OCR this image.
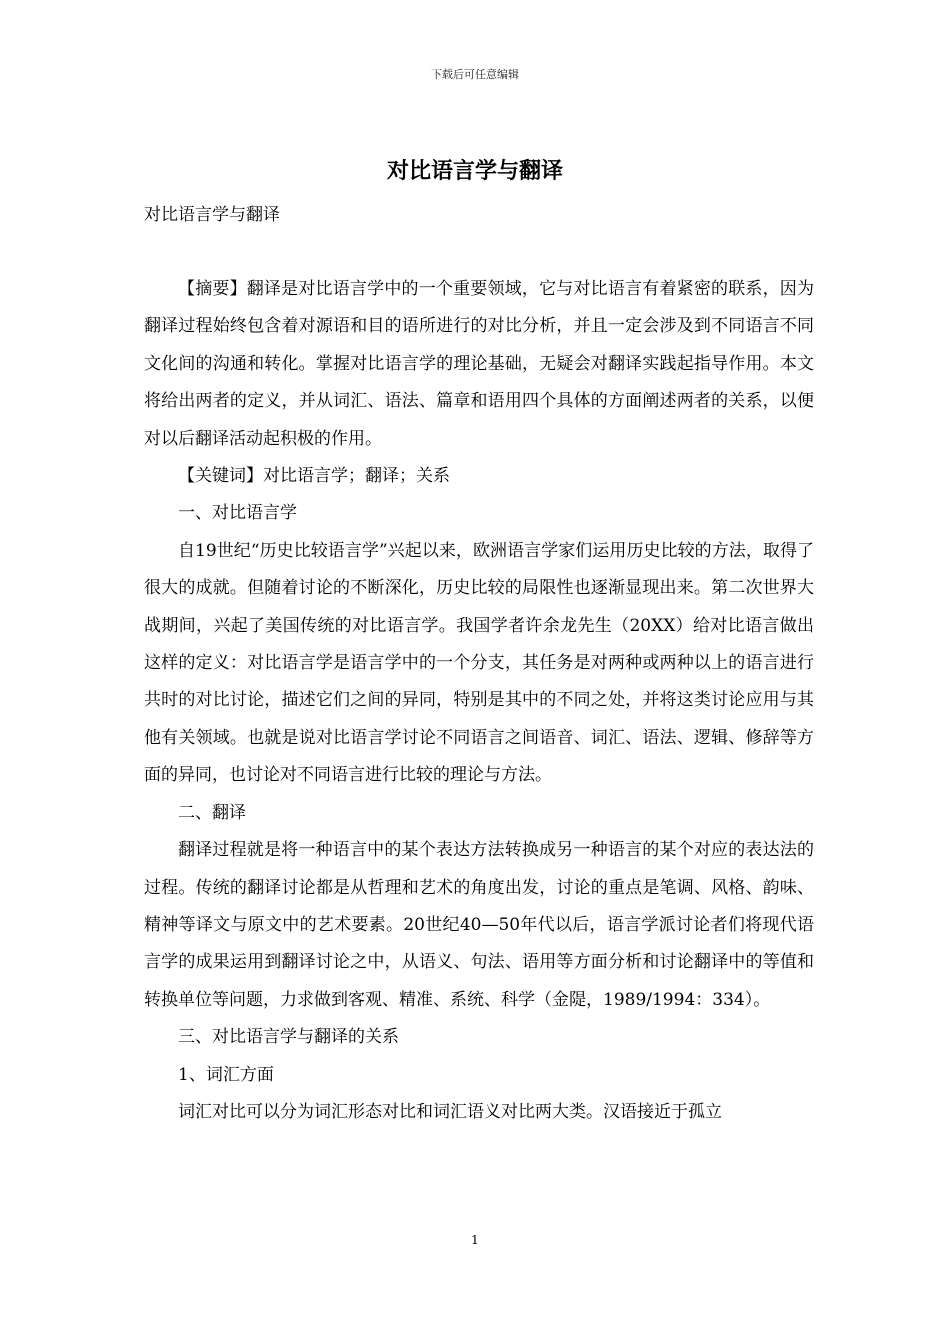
下载后可任意编辑
对比语言学与翻译
对比语言学与翻译

【摘要】翻译是对比语言学中的一个重要领域，它与对比语言有着紧密的联系，因为翻译过程始终包含着对源语和目的语所进行的对比分析，并且一定会涉及到不同语言不同文化间的沟通和转化。掌握对比语言学的理论基础，无疑会对翻译实践起指导作用。本文将给出两者的定义，并从词汇、语法、篇章和语用四个具体的方面阐述两者的关系，以便对以后翻译活动起积极的作用。

【关键词】对比语言学；翻译；关系

一、对比语言学

自19世纪“历史比较语言学”兴起以来，欧洲语言学家们运用历史比较的方法，取得了很大的成就。但随着讨论的不断深化，历史比较的局限性也逐渐显现出来。第二次世界大战期间，兴起了美国传统的对比语言学。我国学者许余龙先生（20XX）给对比语言做出这样的定义：对比语言学是语言学中的一个分支，其任务是对两种或两种以上的语言进行共时的对比讨论，描述它们之间的异同，特别是其中的不同之处，并将这类讨论应用与其他有关领域。也就是说对比语言学讨论不同语言之间语音、词汇、语法、逻辑、修辞等方面的异同，也讨论对不同语言进行比较的理论与方法。

二、翻译

翻译过程就是将一种语言中的某个表达方法转换成另一种语言的某个对应的表达法的过程。传统的翻译讨论都是从哲理和艺术的角度出发，讨论的重点是笔调、风格、韵味、精神等译文与原文中的艺术要素。20世纪40—50年代以后，语言学派讨论者们将现代语言学的成果运用到翻译讨论之中，从语义、句法、语用等方面分析和讨论翻译中的等值和转换单位等问题，力求做到客观、精准、系统、科学（金隄，1989/1994：334）。

三、对比语言学与翻译的关系

1、词汇方面

词汇对比可以分为词汇形态对比和词汇语义对比两大类。汉语接近于孤立

1
